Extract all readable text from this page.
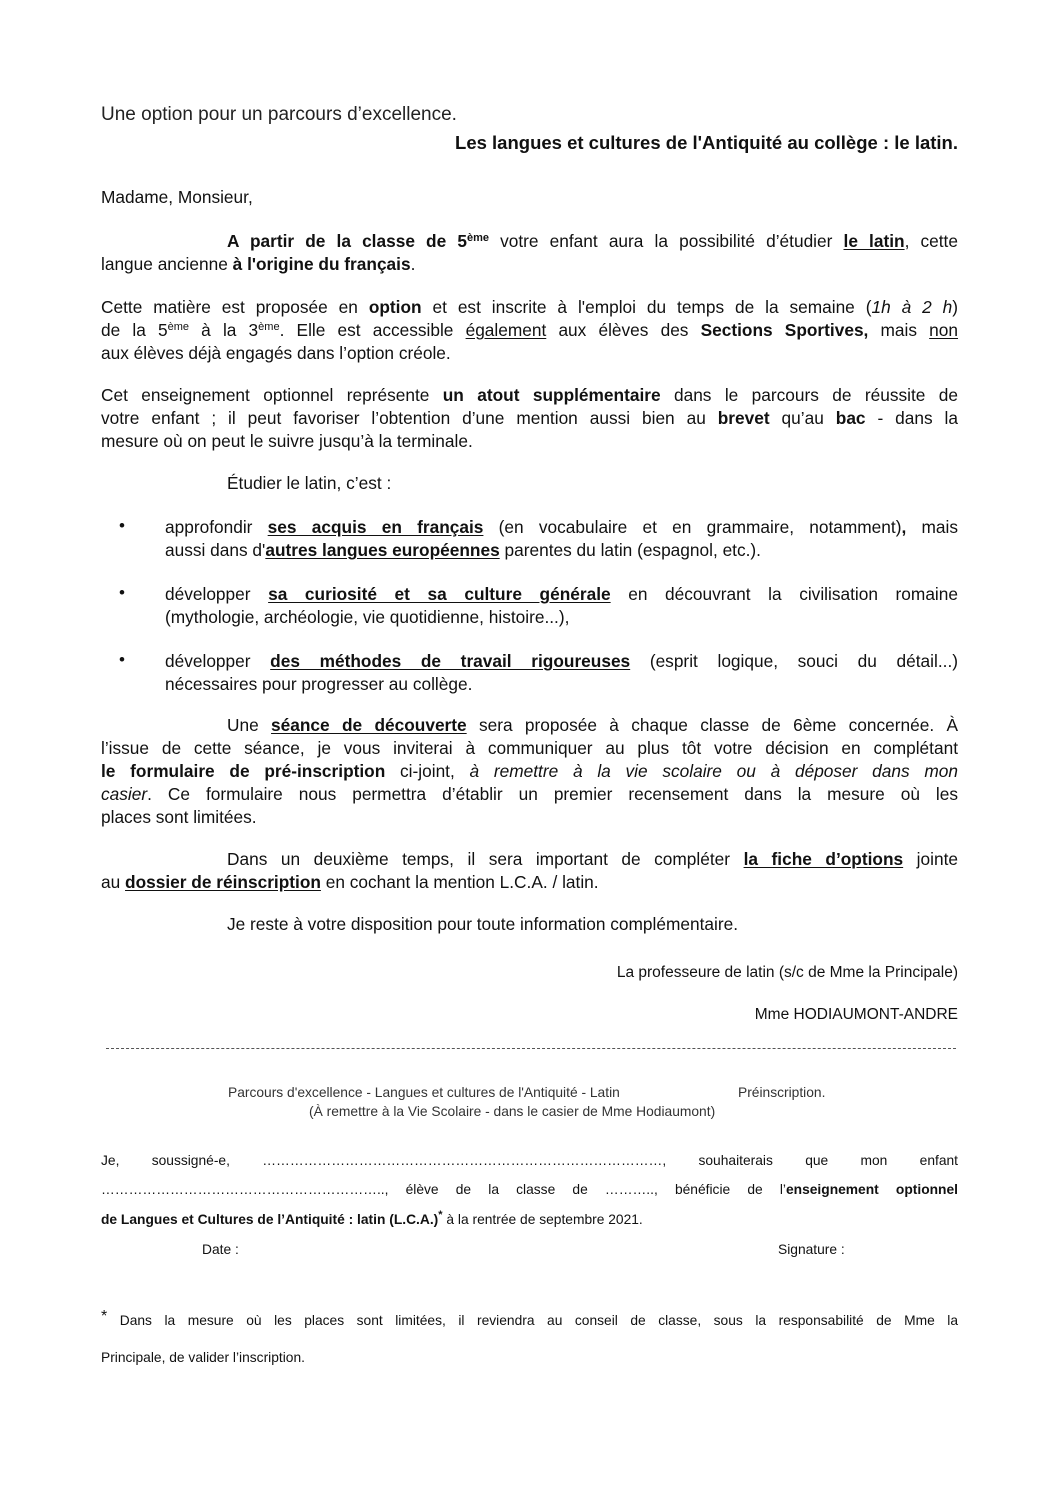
Une option pour un parcours d’excellence.
Les langues et cultures de l'Antiquité au collège : le latin.
Madame, Monsieur,
A partir de la classe de 5ème votre enfant aura la possibilité d’étudier le latin, cette
langue ancienne à l'origine du français.
Cette matière est proposée en option et est inscrite à l'emploi du temps de la semaine (1h à 2 h)
de la 5ème à la 3ème. Elle est accessible également aux élèves des Sections Sportives, mais non
aux élèves déjà engagés dans l’option créole.
Cet enseignement optionnel représente un atout supplémentaire dans le parcours de réussite de
votre enfant ; il peut favoriser l’obtention d’une mention aussi bien au brevet qu’au bac - dans la
mesure où on peut le suivre jusqu’à la terminale.
Étudier le latin, c’est :
• approfondir ses acquis en français (en vocabulaire et en grammaire, notamment), mais
aussi dans d'autres langues européennes parentes du latin (espagnol, etc.).
• développer sa curiosité et sa culture générale en découvrant la civilisation romaine
(mythologie, archéologie, vie quotidienne, histoire...),
• développer des méthodes de travail rigoureuses (esprit logique, souci du détail...)
nécessaires pour progresser au collège.
Une séance de découverte sera proposée à chaque classe de 6ème concernée. À
l’issue de cette séance, je vous inviterai à communiquer au plus tôt votre décision en complétant
le formulaire de pré-inscription ci-joint, à remettre à la vie scolaire ou à déposer dans mon
casier. Ce formulaire nous permettra d’établir un premier recensement dans la mesure où les
places sont limitées.
Dans un deuxième temps, il sera important de compléter la fiche d’options jointe
au dossier de réinscription en cochant la mention L.C.A. / latin.
Je reste à votre disposition pour toute information complémentaire.
La professeure de latin (s/c de Mme la Principale)
Mme HODIAUMONT-ANDRE
Parcours d'excellence - Langues et cultures de l'Antiquité - Latin	Préinscription.
(À remettre à la Vie Scolaire - dans le casier de Mme Hodiaumont)
Je, soussigné-e, ……………………………………………………………………………, souhaiterais que mon enfant
…………………………………………………….., élève de la classe de ……….., bénéficie de l’enseignement optionnel
de Langues et Cultures de l’Antiquité : latin (L.C.A.)* à la rentrée de septembre 2021.
Date :	Signature :
* Dans la mesure où les places sont limitées, il reviendra au conseil de classe, sous la responsabilité de Mme la
Principale, de valider l’inscription.
